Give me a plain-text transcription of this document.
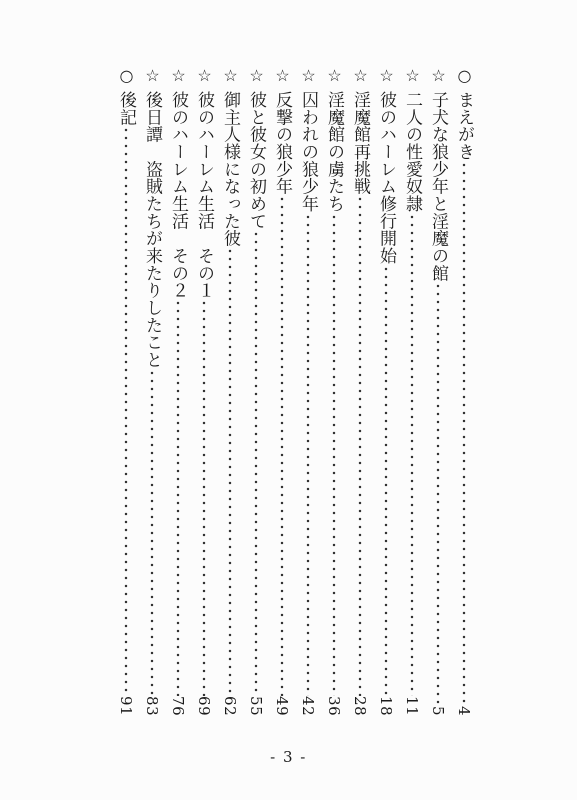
○
まえがき
4
☆
子犬な狼少年と淫魔の館
5
☆
二人の性愛奴隷
11
☆
彼のハーレム修行開始
18
☆
淫魔館再挑戦
28
☆
淫魔館の虜たち
36
☆
囚われの狼少年
42
☆
反撃の狼少年
49
☆
彼と彼女の初めて
55
☆
御主人様になった彼
62
☆
彼のハーレム生活　その１
69
☆
彼のハーレム生活　その２
76
☆
後日譚　盗賊たちが来たりしたこと
83
○
後記
91
- 3 -
